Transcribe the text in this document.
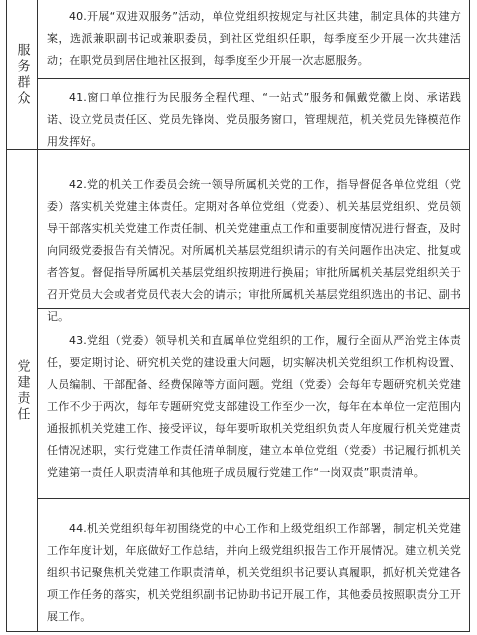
服务群众
党建责任

40.开展“双进双服务”活动，单位党组织按规定与社区共建，制定具体的共建方案，选派兼职副书记或兼职委员，到社区党组织任职，每季度至少开展一次共建活动；在职党员到居住地社区报到，每季度至少开展一次志愿服务。

41.窗口单位推行为民服务全程代理、“一站式”服务和佩戴党徽上岗、承诺践诺、设立党员责任区、党员先锋岗、党员服务窗口，管理规范，机关党员先锋模范作用发挥好。

42.党的机关工作委员会统一领导所属机关党的工作，指导督促各单位党组（党委）落实机关党建主体责任。定期对各单位党组（党委）、机关基层党组织、党员领导干部落实机关党建工作责任制、机关党建重点工作和重要制度情况进行督查，及时向同级党委报告有关情况。对所属机关基层党组织请示的有关问题作出决定、批复或者答复。督促指导所属机关基层党组织按期进行换届；审批所属机关基层党组织关于召开党员大会或者党员代表大会的请示；审批所属机关基层党组织选出的书记、副书记。

43.党组（党委）领导机关和直属单位党组织的工作，履行全面从严治党主体责任，要定期讨论、研究机关党的建设重大问题，切实解决机关党组织工作机构设置、人员编制、干部配备、经费保障等方面问题。党组（党委）会每年专题研究机关党建工作不少于两次，每年专题研究党支部建设工作至少一次，每年在本单位一定范围内通报抓机关党建工作、接受评议，每年要听取机关党组织负责人年度履行机关党建责任情况述职，实行党建工作责任清单制度，建立本单位党组（党委）书记履行抓机关党建第一责任人职责清单和其他班子成员履行党建工作“一岗双责”职责清单。

44.机关党组织每年初围绕党的中心工作和上级党组织工作部署，制定机关党建工作年度计划，年底做好工作总结，并向上级党组织报告工作开展情况。建立机关党组织书记聚焦机关党建工作职责清单，机关党组织书记要认真履职，抓好机关党建各项工作任务的落实，机关党组织副书记协助书记开展工作，其他委员按照职责分工开展工作。
